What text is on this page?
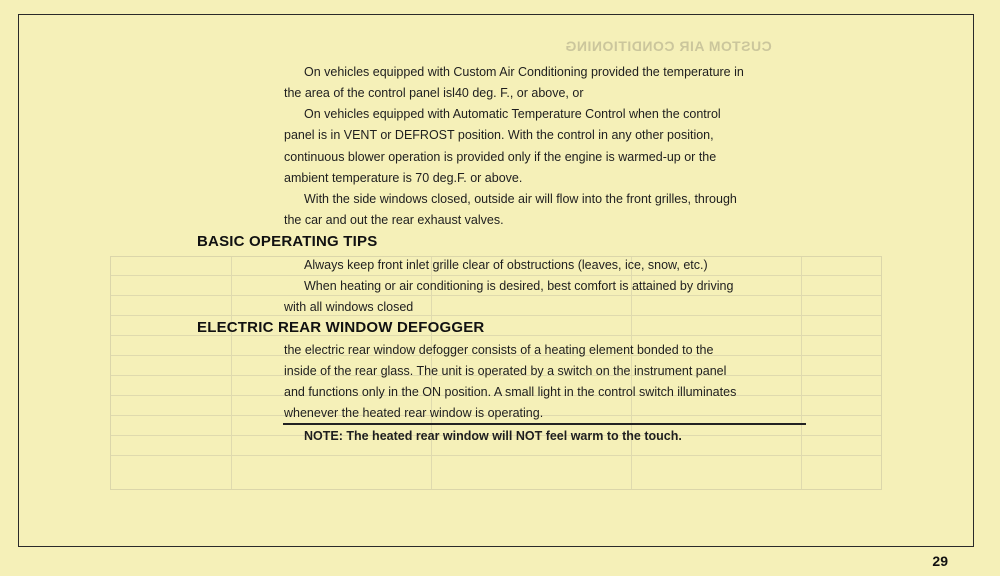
CUSTOM AIR CONDITIONING
On vehicles equipped with Custom Air Conditioning provided the temperature in
the area of the control panel isl40 deg. F., or above, or
On vehicles equipped with Automatic Temperature Control when the control
panel is in VENT or DEFROST position. With the control in any other position,
continuous blower operation is provided only if the engine is warmed-up or the
ambient temperature is 70 deg.F. or above.
With the side windows closed, outside air will flow into the front grilles, through
the car and out the rear exhaust valves.
BASIC OPERATING TIPS
Always keep front inlet grille clear of obstructions (leaves, ice, snow, etc.)
When heating or air conditioning is desired, best comfort is attained by driving
with all windows closed
ELECTRIC REAR WINDOW DEFOGGER
the electric rear window defogger consists of a heating element bonded to the
inside of the rear glass. The unit is operated by a switch on the instrument panel
and functions only in the ON position. A small light in the control switch illuminates
whenever the heated rear window is operating.
NOTE: The heated rear window will NOT feel warm to the touch.
29
